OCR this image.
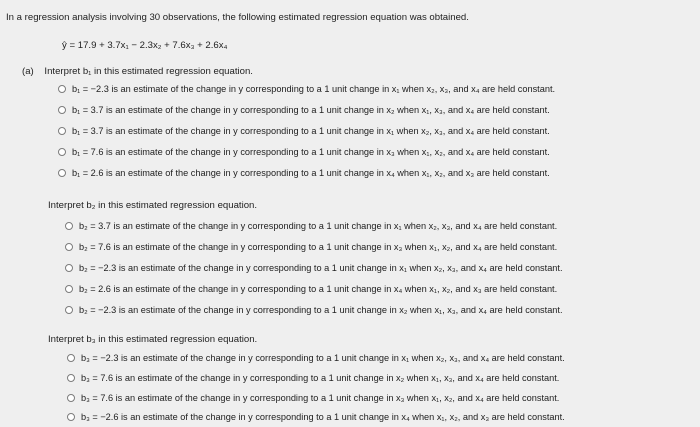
In a regression analysis involving 30 observations, the following estimated regression equation was obtained.
ŷ = 17.9 + 3.7x₁ − 2.3x₂ + 7.6x₃ + 2.6x₄
(a) Interpret b₁ in this estimated regression equation.
b₁ = −2.3 is an estimate of the change in y corresponding to a 1 unit change in x₁ when x₂, x₃, and x₄ are held constant.
b₁ = 3.7 is an estimate of the change in y corresponding to a 1 unit change in x₂ when x₁, x₃, and x₄ are held constant.
b₁ = 3.7 is an estimate of the change in y corresponding to a 1 unit change in x₁ when x₂, x₃, and x₄ are held constant.
b₁ = 7.6 is an estimate of the change in y corresponding to a 1 unit change in x₃ when x₁, x₂, and x₄ are held constant.
b₁ = 2.6 is an estimate of the change in y corresponding to a 1 unit change in x₄ when x₁, x₂, and x₃ are held constant.
Interpret b₂ in this estimated regression equation.
b₂ = 3.7 is an estimate of the change in y corresponding to a 1 unit change in x₁ when x₂, x₃, and x₄ are held constant.
b₂ = 7.6 is an estimate of the change in y corresponding to a 1 unit change in x₃ when x₁, x₂, and x₄ are held constant.
b₂ = −2.3 is an estimate of the change in y corresponding to a 1 unit change in x₁ when x₂, x₃, and x₄ are held constant.
b₂ = 2.6 is an estimate of the change in y corresponding to a 1 unit change in x₄ when x₁, x₂, and x₃ are held constant.
b₂ = −2.3 is an estimate of the change in y corresponding to a 1 unit change in x₂ when x₁, x₃, and x₄ are held constant.
Interpret b₃ in this estimated regression equation.
b₃ = −2.3 is an estimate of the change in y corresponding to a 1 unit change in x₁ when x₂, x₃, and x₄ are held constant.
b₃ = 7.6 is an estimate of the change in y corresponding to a 1 unit change in x₂ when x₁, x₃, and x₄ are held constant.
b₃ = 7.6 is an estimate of the change in y corresponding to a 1 unit change in x₃ when x₁, x₂, and x₄ are held constant.
b₃ = −2.6 is an estimate of the change in y corresponding to a 1 unit change in x₄ when x₁, x₂, and x₃ are held constant.
